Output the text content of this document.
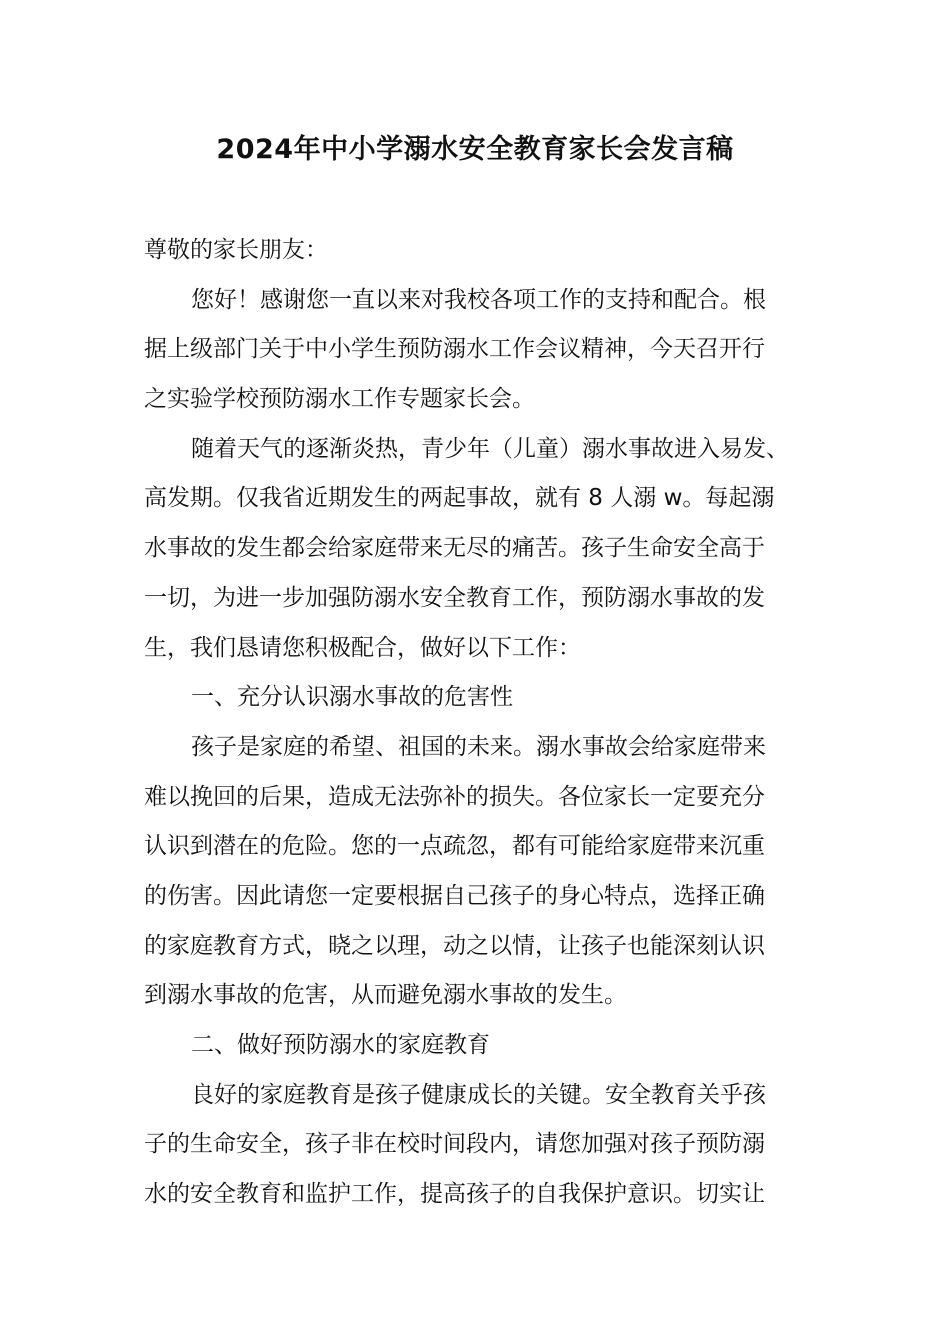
2024年中小学溺水安全教育家长会发言稿
尊敬的家长朋友：
您好！感谢您一直以来对我校各项工作的支持和配合。根
据上级部门关于中小学生预防溺水工作会议精神，今天召开行
之实验学校预防溺水工作专题家长会。
随着天气的逐渐炎热，青少年（儿童）溺水事故进入易发、
高发期。仅我省近期发生的两起事故，就有 8 人溺 w。每起溺
水事故的发生都会给家庭带来无尽的痛苦。孩子生命安全高于
一切，为进一步加强防溺水安全教育工作，预防溺水事故的发
生，我们恳请您积极配合，做好以下工作：
一、充分认识溺水事故的危害性
孩子是家庭的希望、祖国的未来。溺水事故会给家庭带来
难以挽回的后果，造成无法弥补的损失。各位家长一定要充分
认识到潜在的危险。您的一点疏忽，都有可能给家庭带来沉重
的伤害。因此请您一定要根据自己孩子的身心特点，选择正确
的家庭教育方式，晓之以理，动之以情，让孩子也能深刻认识
到溺水事故的危害，从而避免溺水事故的发生。
二、做好预防溺水的家庭教育
良好的家庭教育是孩子健康成长的关键。安全教育关乎孩
子的生命安全，孩子非在校时间段内，请您加强对孩子预防溺
水的安全教育和监护工作，提高孩子的自我保护意识。切实让
